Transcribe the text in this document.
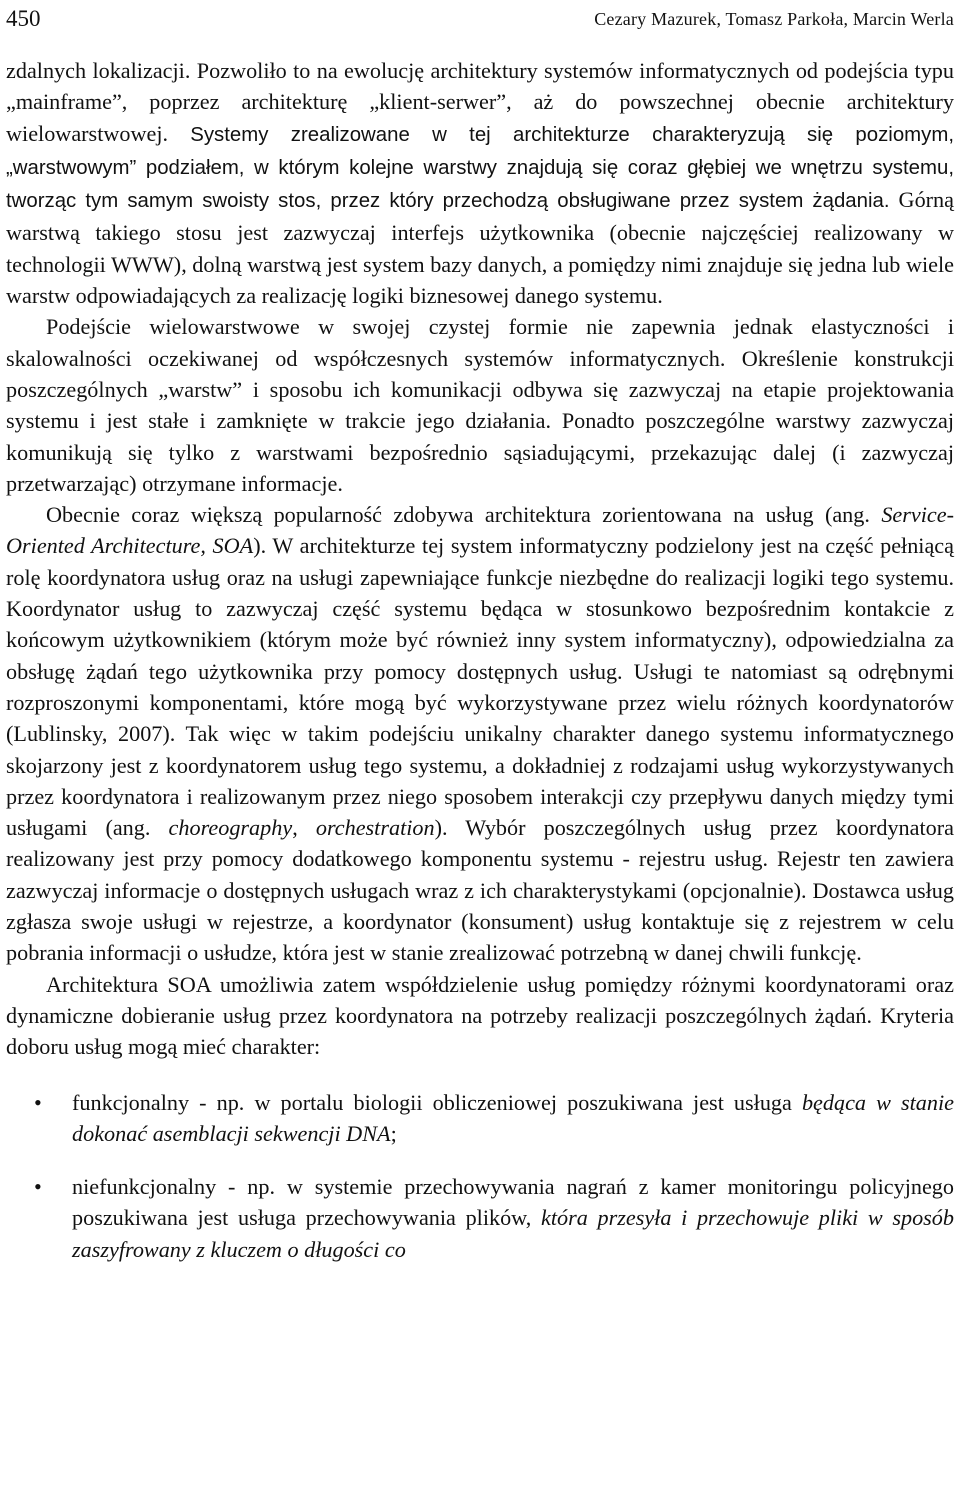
450	Cezary Mazurek, Tomasz Parkoła, Marcin Werla

zdalnych lokalizacji. Pozwoliło to na ewolucję architektury systemów informatycznych od podejścia typu „mainframe”, poprzez architekturę „klient-serwer”, aż do powszechnej obecnie architektury wielowarstwowej. Systemy zrealizowane w tej architekturze charakteryzują się poziomym, „warstwowym” podziałem, w którym kolejne warstwy znajdują się coraz głębiej we wnętrzu systemu, tworząc tym samym swoisty stos, przez który przechodzą obsługiwane przez system żądania. Górną warstwą takiego stosu jest zazwyczaj interfejs użytkownika (obecnie najczęściej realizowany w technologii WWW), dolną warstwą jest system bazy danych, a pomiędzy nimi znajduje się jedna lub wiele warstw odpowiadających za realizację logiki biznesowej danego systemu.

Podejście wielowarstwowe w swojej czystej formie nie zapewnia jednak elastyczności i skalowalności oczekiwanej od współczesnych systemów informatycznych. Określenie konstrukcji poszczególnych „warstw” i sposobu ich komunikacji odbywa się zazwyczaj na etapie projektowania systemu i jest stałe i zamknięte w trakcie jego działania. Ponadto poszczególne warstwy zazwyczaj komunikują się tylko z warstwami bezpośrednio sąsiadującymi, przekazując dalej (i zazwyczaj przetwarzając) otrzymane informacje.

Obecnie coraz większą popularność zdobywa architektura zorientowana na usług (ang. Service-Oriented Architecture, SOA). W architekturze tej system informatyczny podzielony jest na część pełniącą rolę koordynatora usług oraz na usługi zapewniające funkcje niezbędne do realizacji logiki tego systemu. Koordynator usług to zazwyczaj część systemu będąca w stosunkowo bezpośrednim kontakcie z końcowym użytkownikiem (którym może być również inny system informatyczny), odpowiedzialna za obsługę żądań tego użytkownika przy pomocy dostępnych usług. Usługi te natomiast są odrębnymi rozproszonymi komponentami, które mogą być wykorzystywane przez wielu różnych koordynatorów (Lublinsky, 2007). Tak więc w takim podejściu unikalny charakter danego systemu informatycznego skojarzony jest z koordynatorem usług tego systemu, a dokładniej z rodzajami usług wykorzystywanych przez koordynatora i realizowanym przez niego sposobem interakcji czy przepływu danych między tymi usługami (ang. choreography, orchestration). Wybór poszczególnych usług przez koordynatora realizowany jest przy pomocy dodatkowego komponentu systemu - rejestru usług. Rejestr ten zawiera zazwyczaj informacje o dostępnych usługach wraz z ich charakterystykami (opcjonalnie). Dostawca usług zgłasza swoje usługi w rejestrze, a koordynator (konsument) usług kontaktuje się z rejestrem w celu pobrania informacji o usłudze, która jest w stanie zrealizować potrzebną w danej chwili funkcję.

Architektura SOA umożliwia zatem współdzielenie usług pomiędzy różnymi koordynatorami oraz dynamiczne dobieranie usług przez koordynatora na potrzeby realizacji poszczególnych żądań. Kryteria doboru usług mogą mieć charakter:

• funkcjonalny - np. w portalu biologii obliczeniowej poszukiwana jest usługa będąca w stanie dokonać asemblacji sekwencji DNA;
• niefunkcjonalny - np. w systemie przechowywania nagrań z kamer monitoringu policyjnego poszukiwana jest usługa przechowywania plików, która przesyła i przechowuje pliki w sposób zaszyfrowany z kluczem o długości co
